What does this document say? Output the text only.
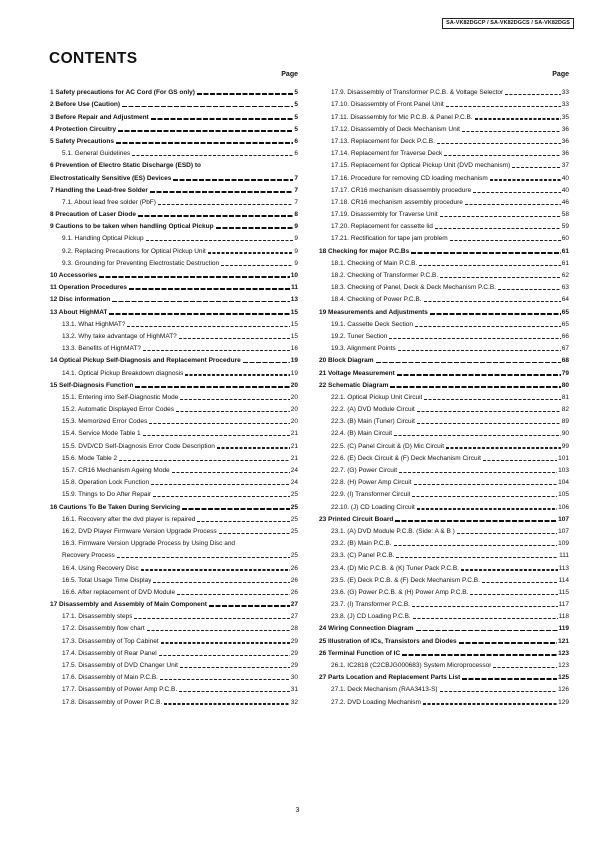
SA-VK82DGCP / SA-VK82DGCS / SA-VK82DGS
CONTENTS
Page
1 Safety precautions for AC Cord (For GS only)	5
2 Before Use (Caution)	5
3 Before Repair and Adjustment	5
4 Protection Circuitry	5
5 Safety Precautions	6
5.1. General Guidelines	6
6 Prevention of Electro Static Discharge (ESD) to
Electrostatically Sensitive (ES) Devices	7
7 Handling the Lead-free Solder	7
7.1. About lead free solder (PbF)	7
8 Precaution of Laser Diode	8
9 Cautions to be taken when handling Optical Pickup	9
9.1. Handling Optical Pickup	9
9.2. Replacing Precautions for Optical Pickup Unit	9
9.3. Grounding for Preventing Electrostatic Destruction	9
10 Accessories	10
11 Operation Procedures	11
12 Disc information	13
13 About HighMAT	15
13.1. What HighMAT?	15
13.2. Why take advantage of HighMAT?	15
13.3. Benefits of HighMAT?	16
14 Optical Pickup Self-Diagnosis and Replacement Procedure	19
14.1. Optical Pickup Breakdown diagnosis	19
15 Self-Diagnosis Function	20
15.1. Entering into Self-Diagnostic Mode	20
15.2. Automatic Displayed Error Codes	20
15.3. Memorized Error Codes	20
15.4. Service Mode Table 1	21
15.5. DVD/CD Self-Diagnosis Error Code Description	21
15.6. Mode Table 2	21
15.7. CR16 Mechanism Ageing Mode	24
15.8. Operation Lock Function	24
15.9. Things to Do After Repair	25
16 Cautions To Be Taken During Servicing	25
16.1. Recovery after the dvd player is repaired	25
16.2. DVD Player Firmware Version Upgrade Process	25
16.3. Firmware Version Upgrade Process by Using Disc and
Recovery Process	25
16.4. Using Recovery Disc	26
16.5. Total Usage Time Display	26
16.6. After replacement of DVD Module	26
17 Disassembly and Assembly of Main Component	27
17.1. Disassembly steps	27
17.2. Disassembly flow chart	28
17.3. Disassembly of Top Cabinet	29
17.4. Disassembly of Rear Panel	29
17.5. Disassembly of DVD Changer Unit	29
17.6. Disassembly of Main P.C.B.	30
17.7. Disassembly of Power Amp P.C.B.	31
17.8. Disassembly of Power P.C.B.	32
Page
17.9. Disassembly of Transformer P.C.B. & Voltage Selector	33
17.10. Disassembly of Front Panel Unit	33
17.11. Disassembly for Mic P.C.B. & Panel P.C.B.	35
17.12. Disassembly of Deck Mechanism Unit	36
17.13. Replacement for Deck P.C.B.	36
17.14. Replacement for Traverse Deck	36
17.15. Replacement for Optical Pickup Unit (DVD mechanism)	37
17.16. Procedure for removing CD loading mechanism	40
17.17. CR16 mechanism disassembly procedure	40
17.18. CR16 mechanism assembly procedure	46
17.19. Disassembly for Traverse Unit	58
17.20. Replacement for cassette lid	59
17.21. Rectification for tape jam problem	60
18 Checking for major P.C.Bs	61
18.1. Checking of Main P.C.B.	61
18.2. Checking of Transformer P.C.B.	62
18.3. Checking of Panel, Deck & Deck Mechanism P.C.B.	63
18.4. Checking of Power P.C.B.	64
19 Measurements and Adjustments	65
19.1. Cassette Deck Section	65
19.2. Tuner Section	66
19.3. Alignment Points	67
20 Block Diagram	68
21 Voltage Measurement	79
22 Schematic Diagram	80
22.1. Optical Pickup Unit Circuit	81
22.2. (A) DVD Module Circuit	82
22.3. (B) Main (Tuner) Circuit	89
22.4. (B) Main Circuit	90
22.5. (C) Panel Circuit & (D) Mic Circuit	99
22.6. (E) Deck Circuit & (F) Deck Mechanism Circuit	101
22.7. (G) Power Circuit	103
22.8. (H) Power Amp Circuit	104
22.9. (I) Transformer Circuit	105
22.10. (J) CD Loading Circuit	106
23 Printed Circuit Board	107
23.1. (A) DVD Module P.C.B. (Side: A & B )	107
23.2. (B) Main P.C.B.	109
23.3. (C) Panel P.C.B.	111
23.4. (D) Mic P.C.B. & (K) Tuner Pack P.C.B.	113
23.5. (E) Deck P.C.B. & (F) Deck Mechanism P.C.B.	114
23.6. (G) Power P.C.B. & (H) Power Amp P.C.B.	115
23.7. (I) Transformer P.C.B.	117
23.8. (J) CD Loading P.C.B.	118
24 Wiring Connection Diagram	119
25 Illustration of ICs, Transistors and Diodes	121
26 Terminal Function of IC	123
26.1. IC2818 (C2CBJG000683) System Microprocessor	123
27 Parts Location and Replacement Parts List	125
27.1. Deck Mechanism (RAA3413-S)	126
27.2. DVD Loading Mechanism	129
3
